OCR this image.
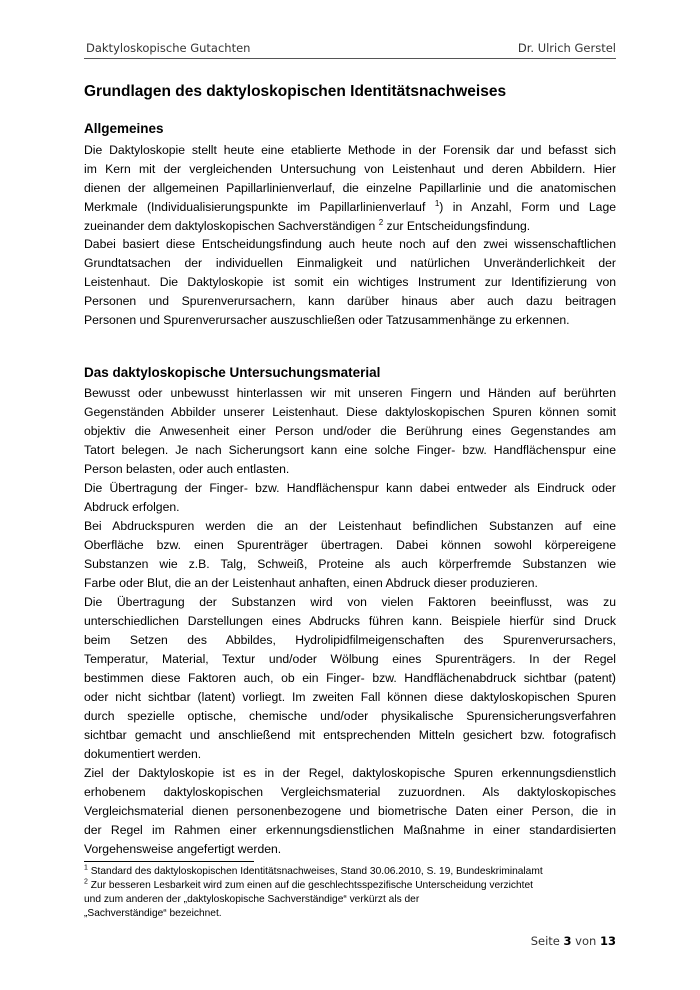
Daktyloskopische Gutachten	Dr. Ulrich Gerstel
Grundlagen des daktyloskopischen Identitätsnachweises
Allgemeines
Die Daktyloskopie stellt heute eine etablierte Methode in der Forensik dar und befasst sich
im Kern mit der vergleichenden Untersuchung von Leistenhaut und deren Abbildern. Hier
dienen der allgemeinen Papillarlinienverlauf, die einzelne Papillarlinie und die anatomischen
Merkmale (Individualisierungspunkte im Papillarlinienverlauf $^1$) in Anzahl, Form und Lage
zueinander dem daktyloskopischen Sachverständigen $^2$ zur Entscheidungsfindung.
Dabei basiert diese Entscheidungsfindung auch heute noch auf den zwei wissenschaftlichen
Grundtatsachen der individuellen Einmaligkeit und natürlichen Unveränderlichkeit der
Leistenhaut. Die Daktyloskopie ist somit ein wichtiges Instrument zur Identifizierung von
Personen und Spurenverursachern, kann darüber hinaus aber auch dazu beitragen
Personen und Spurenverursacher auszuschließen oder Tatzusammenhänge zu erkennen.
Das daktyloskopische Untersuchungsmaterial
Bewusst oder unbewusst hinterlassen wir mit unseren Fingern und Händen auf berührten
Gegenständen Abbilder unserer Leistenhaut. Diese daktyloskopischen Spuren können somit
objektiv die Anwesenheit einer Person und/oder die Berührung eines Gegenstandes am
Tatort belegen. Je nach Sicherungsort kann eine solche Finger- bzw. Handflächenspur eine
Person belasten, oder auch entlasten.
Die Übertragung der Finger- bzw. Handflächenspur kann dabei entweder als Eindruck oder
Abdruck erfolgen.
Bei Abdruckspuren werden die an der Leistenhaut befindlichen Substanzen auf eine
Oberfläche bzw. einen Spurenträger übertragen. Dabei können sowohl körpereigene
Substanzen wie z.B. Talg, Schweiß, Proteine als auch körperfremde Substanzen wie
Farbe oder Blut, die an der Leistenhaut anhaften, einen Abdruck dieser produzieren.
Die Übertragung der Substanzen wird von vielen Faktoren beeinflusst, was zu
unterschiedlichen Darstellungen eines Abdrucks führen kann. Beispiele hierfür sind Druck
beim Setzen des Abbildes, Hydrolipidfilmeigenschaften des Spurenverursachers,
Temperatur, Material, Textur und/oder Wölbung eines Spurenträgers. In der Regel
bestimmen diese Faktoren auch, ob ein Finger- bzw. Handflächenabdruck sichtbar (patent)
oder nicht sichtbar (latent) vorliegt. Im zweiten Fall können diese daktyloskopischen Spuren
durch spezielle optische, chemische und/oder physikalische Spurensicherungsverfahren
sichtbar gemacht und anschließend mit entsprechenden Mitteln gesichert bzw. fotografisch
dokumentiert werden.
Ziel der Daktyloskopie ist es in der Regel, daktyloskopische Spuren erkennungsdienstlich
erhobenem daktyloskopischen Vergleichsmaterial zuzuordnen. Als daktyloskopisches
Vergleichsmaterial dienen personenbezogene und biometrische Daten einer Person, die in
der Regel im Rahmen einer erkennungsdienstlichen Maßnahme in einer standardisierten
Vorgehensweise angefertigt werden.
$^1$ Standard des daktyloskopischen Identitätsnachweises, Stand 30.06.2010, S. 19, Bundeskriminalamt
$^2$ Zur besseren Lesbarkeit wird zum einen auf die geschlechtsspezifische Unterscheidung verzichtet
und zum anderen der „daktyloskopische Sachverständige“ verkürzt als der
„Sachverständige“ bezeichnet.
Seite 3 von 13
